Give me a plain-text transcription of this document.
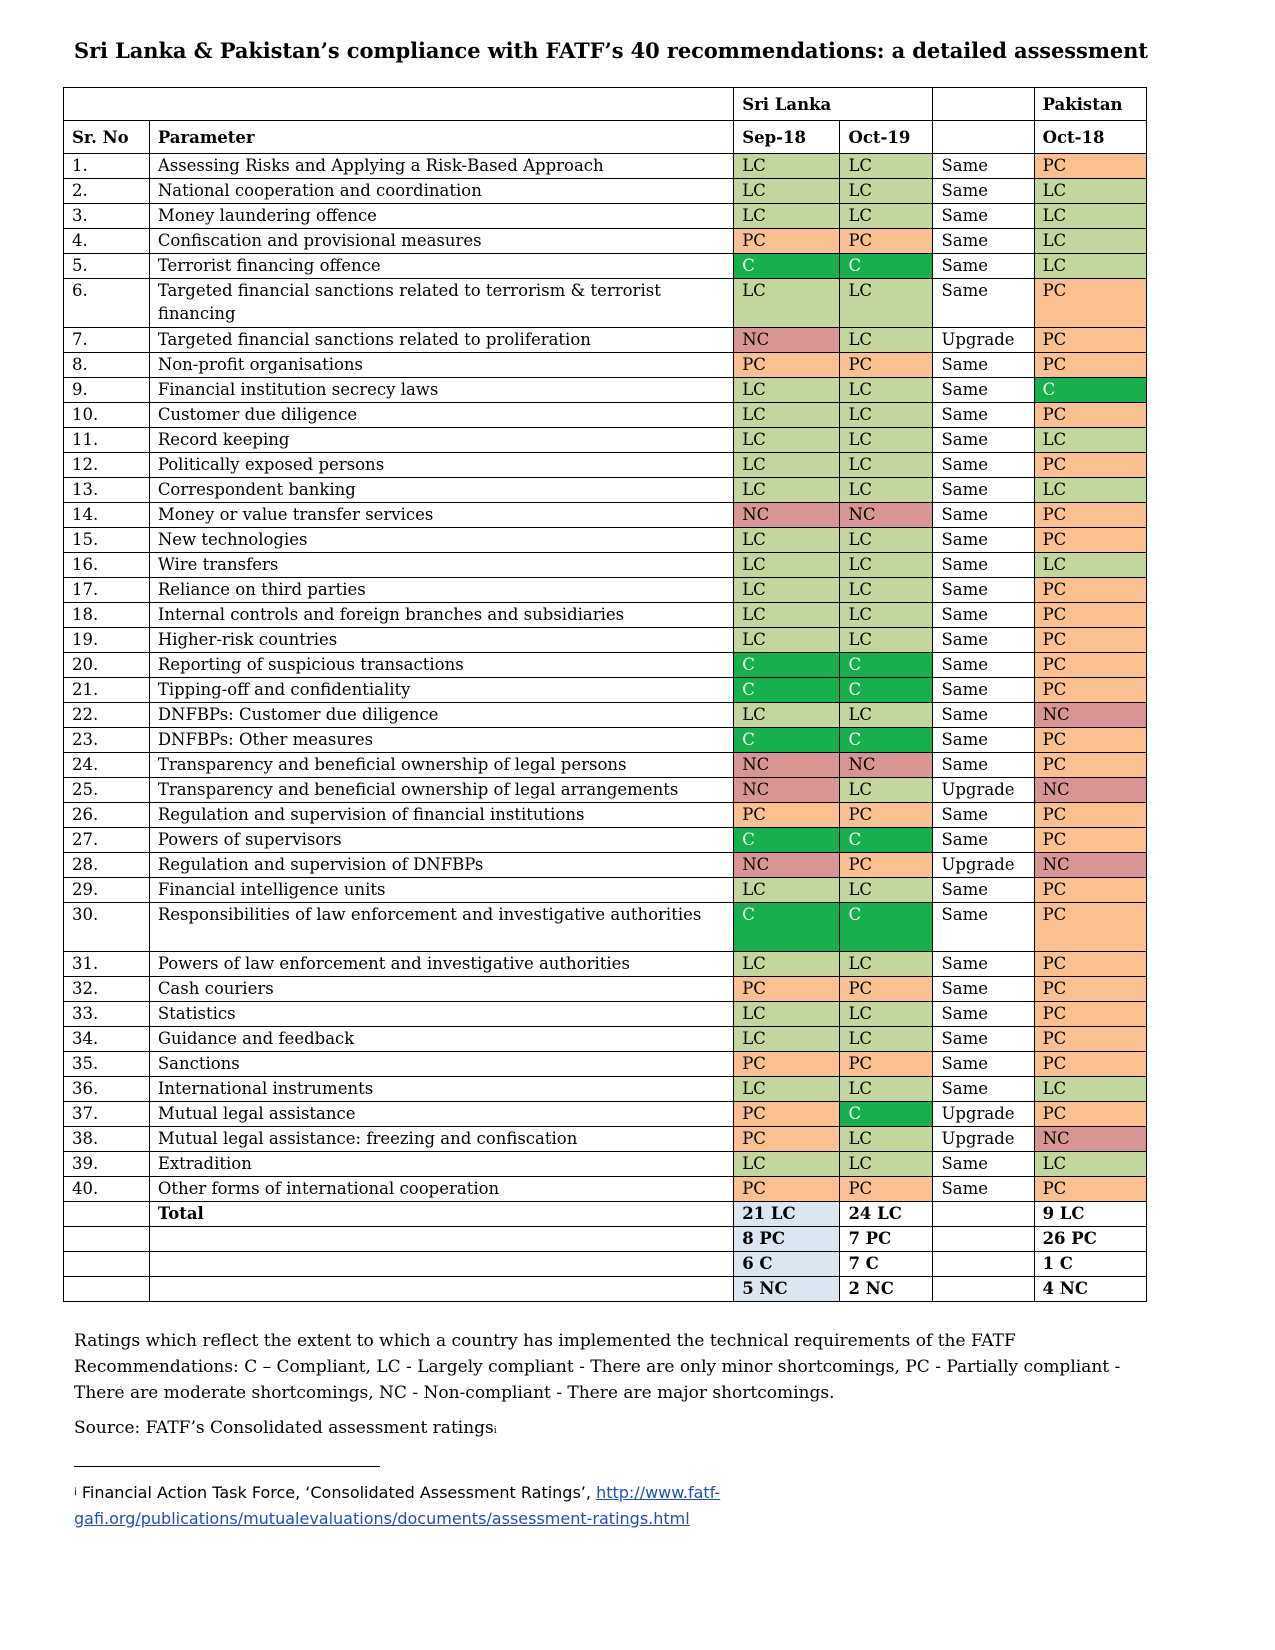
Sri Lanka & Pakistan’s compliance with FATF’s 40 recommendations: a detailed assessment
		Sri Lanka			Pakistan
Sr. No	Parameter	Sep-18	Oct-19		Oct-18
1.	Assessing Risks and Applying a Risk-Based Approach	LC	LC	Same	PC
2.	National cooperation and coordination	LC	LC	Same	LC
3.	Money laundering offence	LC	LC	Same	LC
4.	Confiscation and provisional measures	PC	PC	Same	LC
5.	Terrorist financing offence	C	C	Same	LC
6.	Targeted financial sanctions related to terrorism & terrorist financing	LC	LC	Same	PC
7.	Targeted financial sanctions related to proliferation	NC	LC	Upgrade	PC
8.	Non-profit organisations	PC	PC	Same	PC
9.	Financial institution secrecy laws	LC	LC	Same	C
10.	Customer due diligence	LC	LC	Same	PC
11.	Record keeping	LC	LC	Same	LC
12.	Politically exposed persons	LC	LC	Same	PC
13.	Correspondent banking	LC	LC	Same	LC
14.	Money or value transfer services	NC	NC	Same	PC
15.	New technologies	LC	LC	Same	PC
16.	Wire transfers	LC	LC	Same	LC
17.	Reliance on third parties	LC	LC	Same	PC
18.	Internal controls and foreign branches and subsidiaries	LC	LC	Same	PC
19.	Higher-risk countries	LC	LC	Same	PC
20.	Reporting of suspicious transactions	C	C	Same	PC
21.	Tipping-off and confidentiality	C	C	Same	PC
22.	DNFBPs: Customer due diligence	LC	LC	Same	NC
23.	DNFBPs: Other measures	C	C	Same	PC
24.	Transparency and beneficial ownership of legal persons	NC	NC	Same	PC
25.	Transparency and beneficial ownership of legal arrangements	NC	LC	Upgrade	NC
26.	Regulation and supervision of financial institutions	PC	PC	Same	PC
27.	Powers of supervisors	C	C	Same	PC
28.	Regulation and supervision of DNFBPs	NC	PC	Upgrade	NC
29.	Financial intelligence units	LC	LC	Same	PC
30.	Responsibilities of law enforcement and investigative authorities	C	C	Same	PC
31.	Powers of law enforcement and investigative authorities	LC	LC	Same	PC
32.	Cash couriers	PC	PC	Same	PC
33.	Statistics	LC	LC	Same	PC
34.	Guidance and feedback	LC	LC	Same	PC
35.	Sanctions	PC	PC	Same	PC
36.	International instruments	LC	LC	Same	LC
37.	Mutual legal assistance	PC	C	Upgrade	PC
38.	Mutual legal assistance: freezing and confiscation	PC	LC	Upgrade	NC
39.	Extradition	LC	LC	Same	LC
40.	Other forms of international cooperation	PC	PC	Same	PC
	Total	21 LC	24 LC		9 LC
		8 PC	7 PC		26 PC
		6 C	7 C		1 C
		5 NC	2 NC		4 NC

Ratings which reflect the extent to which a country has implemented the technical requirements of the FATF Recommendations: C – Compliant, LC - Largely compliant - There are only minor shortcomings, PC - Partially compliant - There are moderate shortcomings, NC - Non-compliant - There are major shortcomings.

Source: FATF’s Consolidated assessment ratingsi

$^i$ Financial Action Task Force, ‘Consolidated Assessment Ratings’, http://www.fatf-gafi.org/publications/mutualevaluations/documents/assessment-ratings.html
